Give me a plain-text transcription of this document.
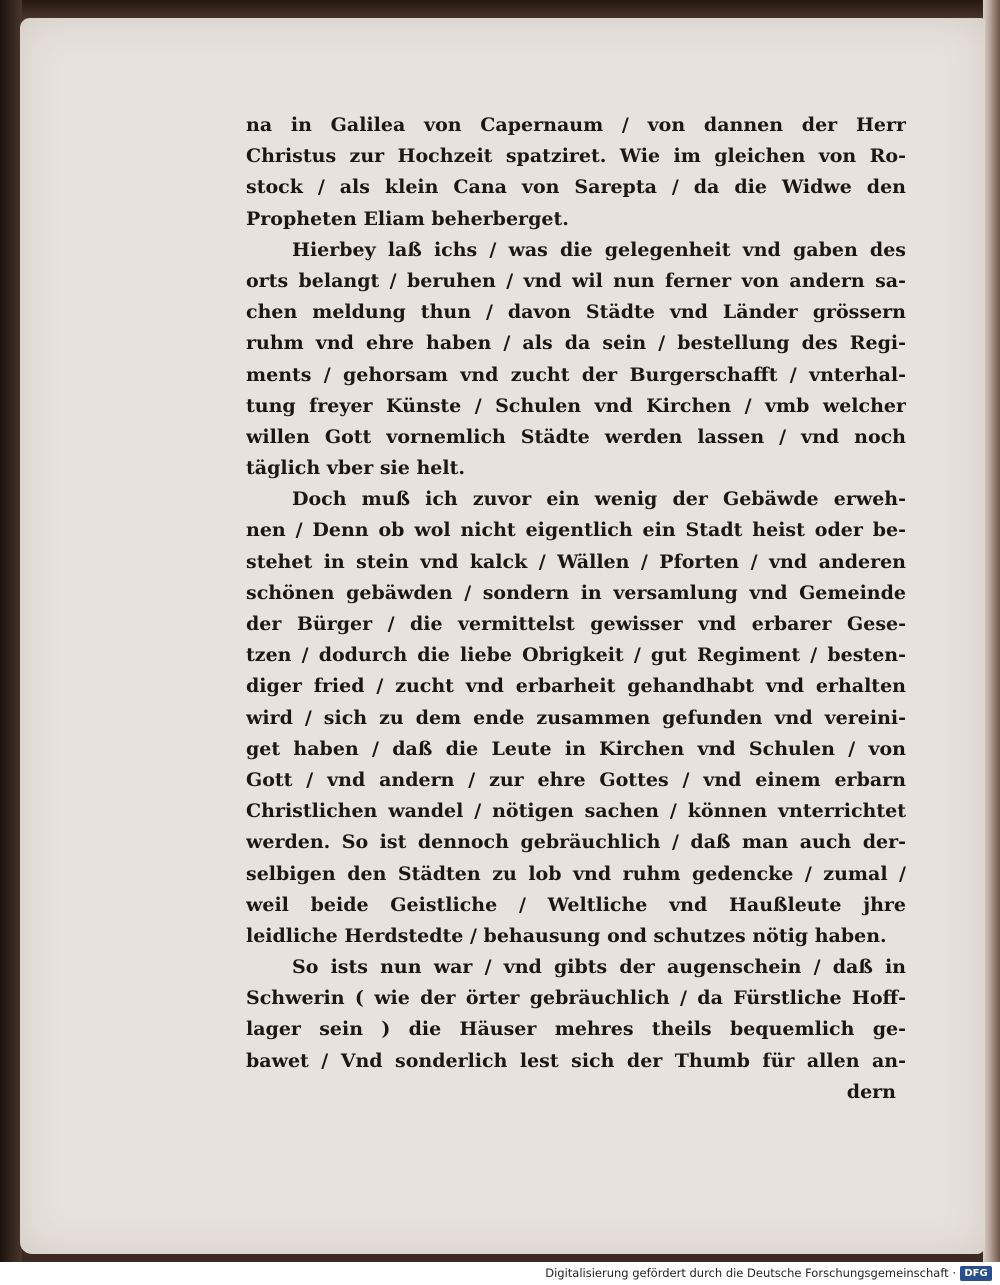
na in Galilea von Capernaum / von dannen der Herr
Christus zur Hochzeit spatziret. Wie im gleichen von Ro-
stock / als klein Cana von Sarepta / da die Widwe den
Propheten Eliam beherberget.
Hierbey laß ichs / was die gelegenheit vnd gaben des
orts belangt / beruhen / vnd wil nun ferner von andern sa-
chen meldung thun / davon Städte vnd Länder grössern
ruhm vnd ehre haben / als da sein / bestellung des Regi-
ments / gehorsam vnd zucht der Burgerschafft / vnterhal-
tung freyer Künste / Schulen vnd Kirchen / vmb welcher
willen Gott vornemlich Städte werden lassen / vnd noch
täglich vber sie helt.
Doch muß ich zuvor ein wenig der Gebäwde erweh-
nen / Denn ob wol nicht eigentlich ein Stadt heist oder be-
stehet in stein vnd kalck / Wällen / Pforten / vnd anderen
schönen gebäwden / sondern in versamlung vnd Gemeinde
der Bürger / die vermittelst gewisser vnd erbarer Gese-
tzen / dodurch die liebe Obrigkeit / gut Regiment / besten-
diger fried / zucht vnd erbarheit gehandhabt vnd erhalten
wird / sich zu dem ende zusammen gefunden vnd vereini-
get haben / daß die Leute in Kirchen vnd Schulen / von
Gott / vnd andern / zur ehre Gottes / vnd einem erbarn
Christlichen wandel / nötigen sachen / können vnterrichtet
werden. So ist dennoch gebräuchlich / daß man auch der-
selbigen den Städten zu lob vnd ruhm gedencke / zumal /
weil beide Geistliche / Weltliche vnd Haußleute jhre
leidliche Herdstedte / behausung ond schutzes nötig haben.
So ists nun war / vnd gibts der augenschein / daß in
Schwerin ( wie der örter gebräuchlich / da Fürstliche Hoff-
lager sein ) die Häuser mehres theils bequemlich ge-
bawet / Vnd sonderlich lest sich der Thumb für allen an-
dern
Digitalisierung gefördert durch die Deutsche Forschungsgemeinschaft · DFG
